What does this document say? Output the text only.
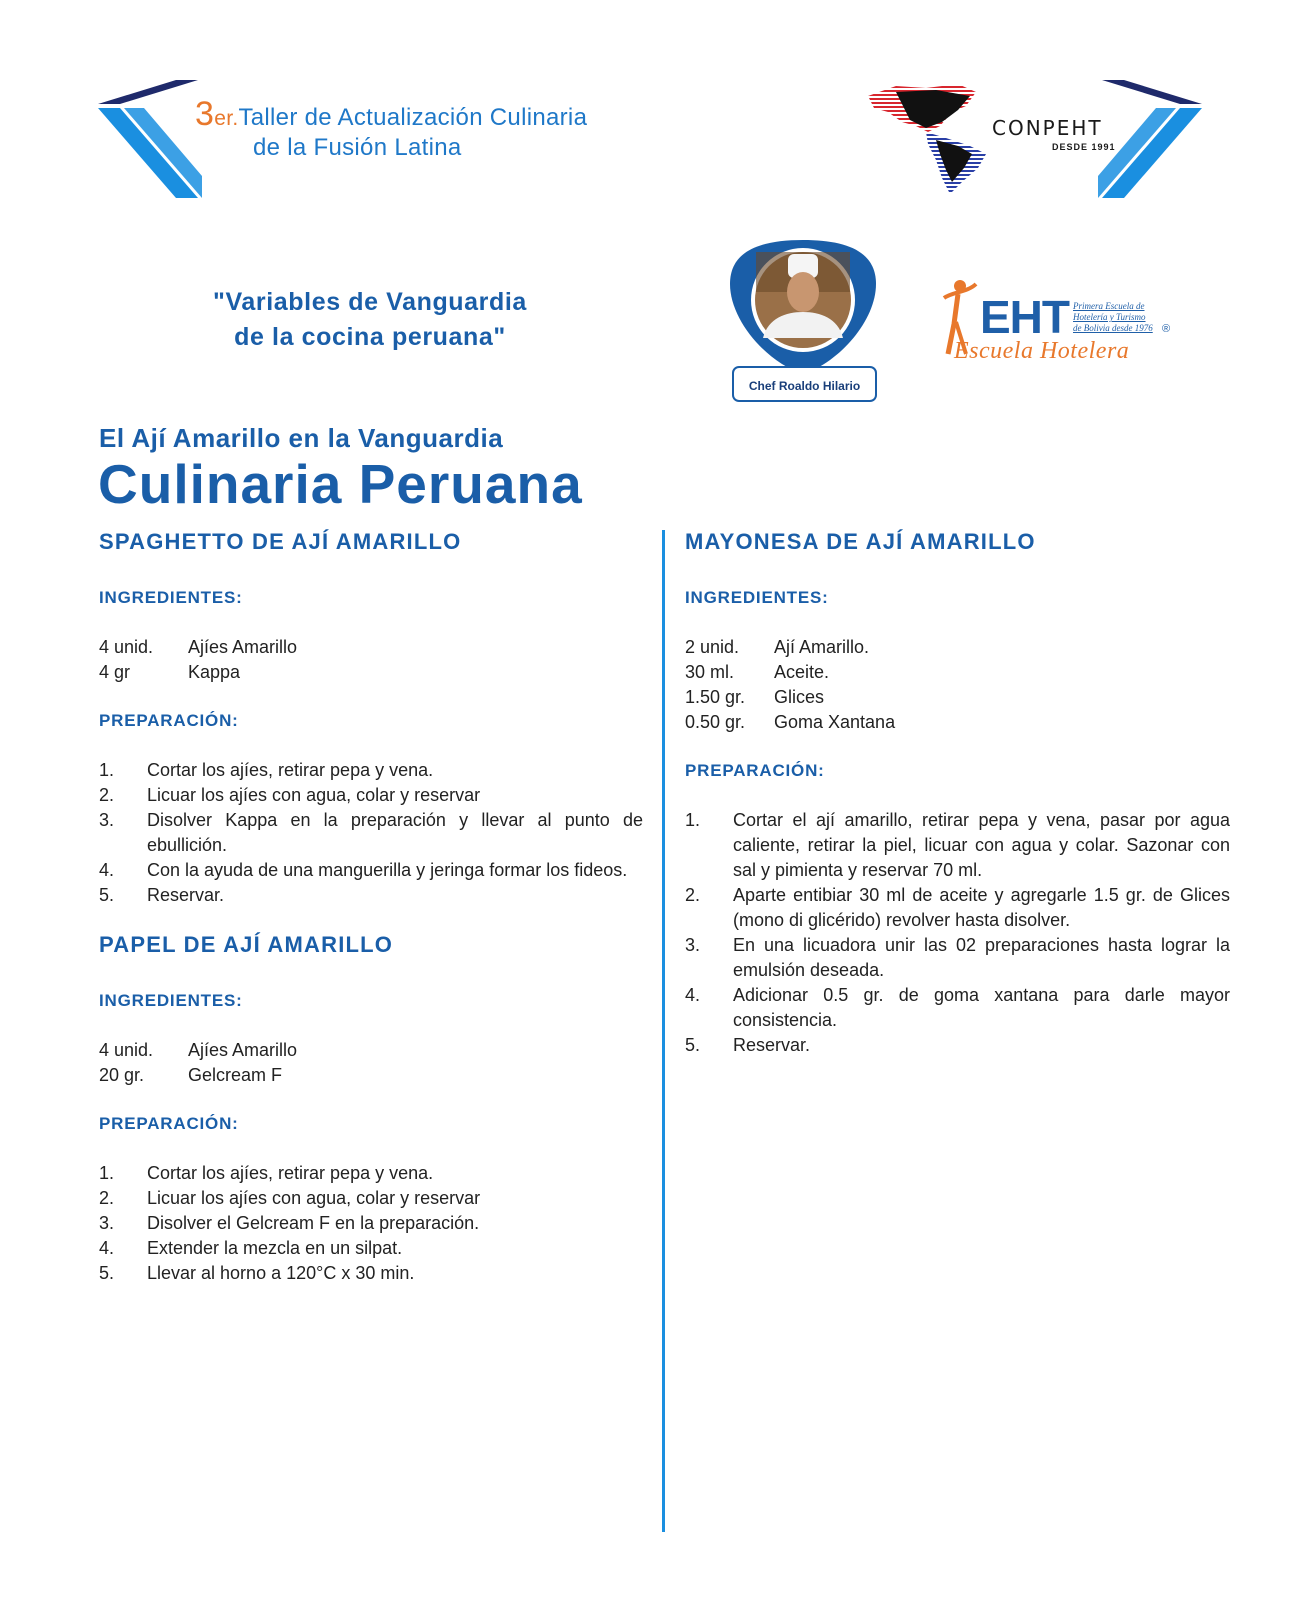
3er.Taller de Actualización Culinaria
de la Fusión Latina
CONPEHT
DESDE 1991
"Variables de Vanguardia
de la cocina peruana"
Chef Roaldo Hilario
EHT Primera Escuela de
Hotelería y Turismo
de Bolivia desde 1976 ®
Escuela Hotelera
El Ají Amarillo en la Vanguardia
Culinaria Peruana
SPAGHETTO DE AJÍ AMARILLO
INGREDIENTES:
4 unid.	Ajíes Amarillo
4 gr	Kappa
PREPARACIÓN:
1.	Cortar los ajíes, retirar pepa y vena.
2.	Licuar los ajíes con agua, colar y reservar
3.	Disolver Kappa en la preparación y llevar al punto de ebullición.
4.	Con la ayuda de una manguerilla y jeringa formar los fideos.
5.	Reservar.
PAPEL DE AJÍ AMARILLO
INGREDIENTES:
4 unid.	Ajíes Amarillo
20 gr.	Gelcream F
PREPARACIÓN:
1.	Cortar los ajíes, retirar pepa y vena.
2.	Licuar los ajíes con agua, colar y reservar
3.	Disolver el Gelcream F en la preparación.
4.	Extender la mezcla en un silpat.
5.	Llevar al horno a 120°C x 30 min.
MAYONESA DE AJÍ AMARILLO
INGREDIENTES:
2 unid.	Ají Amarillo.
30 ml.	Aceite.
1.50 gr.	Glices
0.50 gr.	Goma Xantana
PREPARACIÓN:
1.	Cortar el ají amarillo, retirar pepa y vena, pasar por agua caliente, retirar la piel, licuar con agua y colar. Sazonar con sal y pimienta y reservar 70 ml.
2.	Aparte entibiar 30 ml de aceite y agregarle 1.5 gr. de Glices (mono di glicérido) revolver hasta disolver.
3.	En una licuadora unir las 02 preparaciones hasta lograr la emulsión deseada.
4.	Adicionar 0.5 gr. de goma xantana para darle mayor consistencia.
5.	Reservar.
